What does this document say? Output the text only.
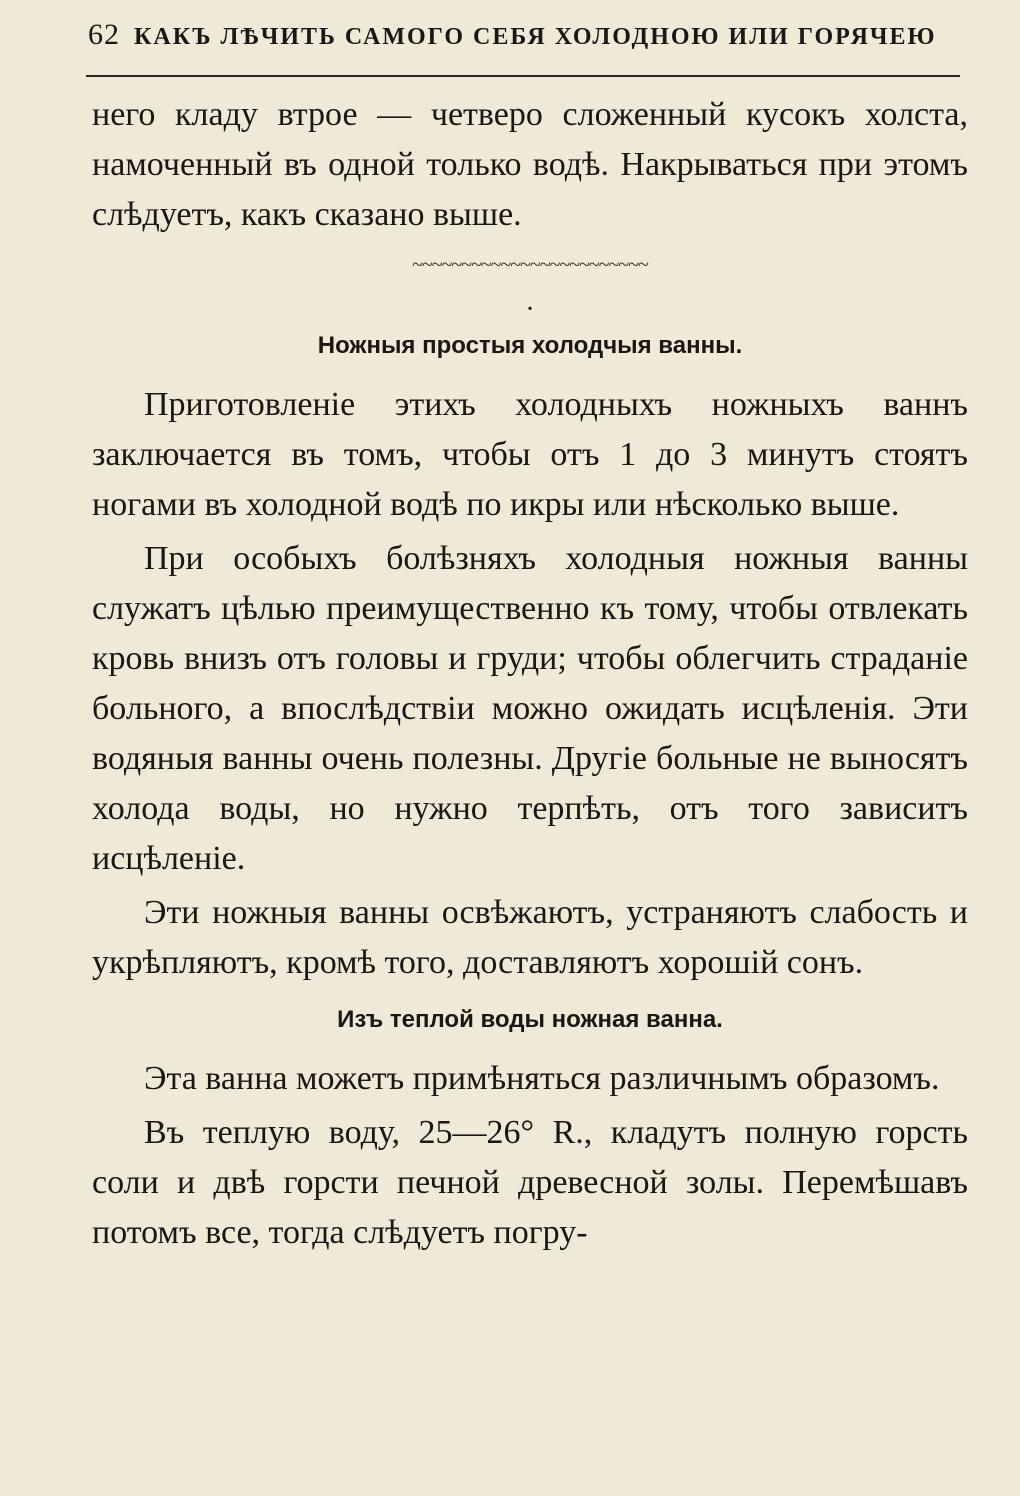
62 КАКЪ ЛѢЧИТЬ САМОГО СЕБЯ ХОЛОДНОЮ ИЛИ ГОРЯЧЕЮ

него кладу втрое — четверо сложенный кусокъ холста, намоченный въ одной только водѣ. Накрываться при этомъ слѣдуетъ, какъ сказано выше.

~~~~~~~~~~~~~~~~~~~~~~~~
·
Ножныя простыя холодчыя ванны.

Приготовленіе этихъ холодныхъ ножныхъ ваннъ заключается въ томъ, чтобы отъ 1 до 3 минутъ стоятъ ногами въ холодной водѣ по икры или нѣсколько выше.

При особыхъ болѣзняхъ холодныя ножныя ванны служатъ цѣлью преимущественно къ тому, чтобы отвлекать кровь внизъ отъ головы и груди; чтобы облегчить страданіе больного, а впослѣдствіи можно ожидать исцѣленія. Эти водяныя ванны очень полезны. Другіе больные не выносятъ холода воды, но нужно терпѣть, отъ того зависитъ исцѣленіе.

Эти ножныя ванны освѣжаютъ, устраняютъ слабость и укрѣпляютъ, кромѣ того, доставляютъ хорошій сонъ.

Изъ теплой воды ножная ванна.

Эта ванна можетъ примѣняться различнымъ образомъ.

Въ теплую воду, 25—26° R., кладутъ полную горсть соли и двѣ горсти печной древесной золы. Перемѣшавъ потомъ все, тогда слѣдуетъ погру-
